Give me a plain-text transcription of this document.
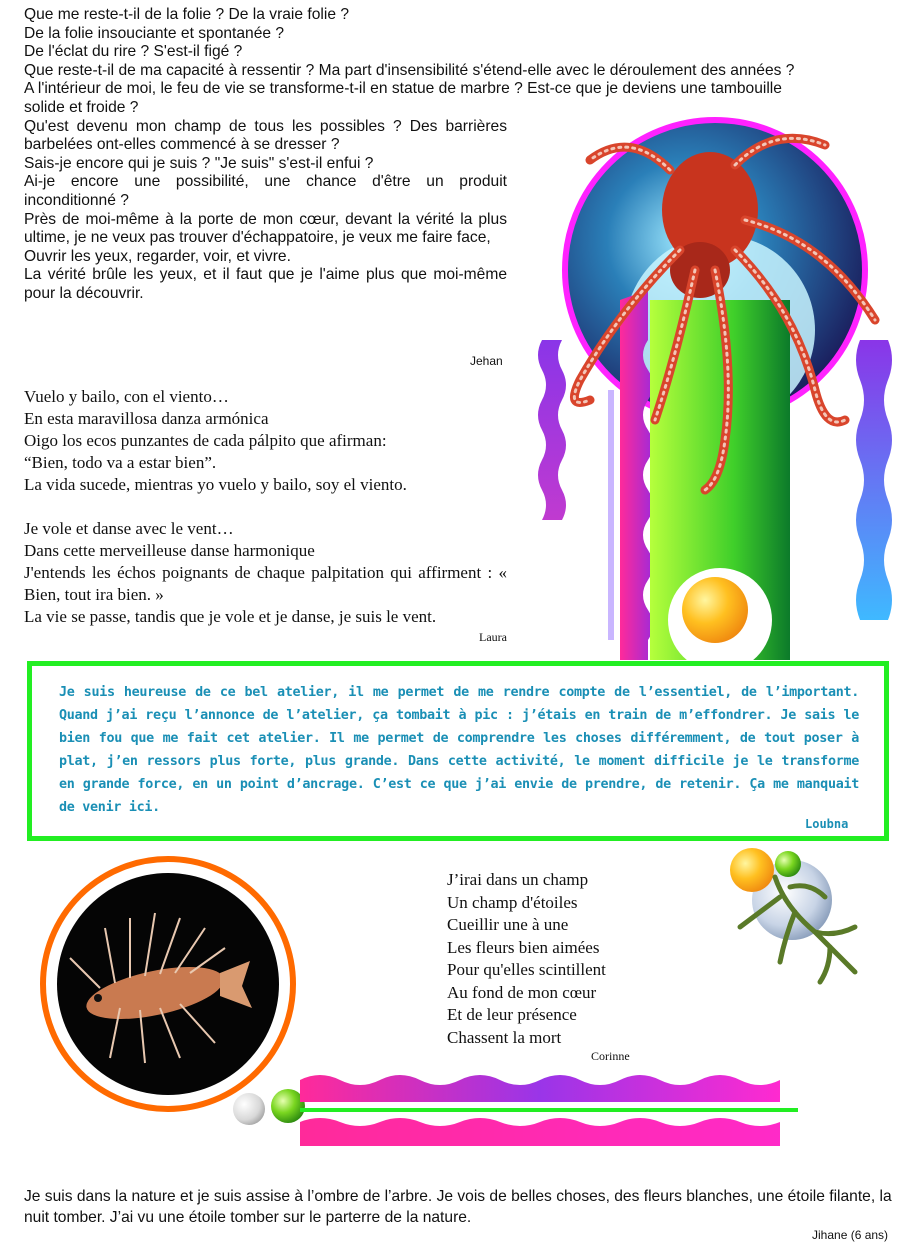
Que me reste-t-il de la folie ? De la vraie folie ?
De la folie insouciante et spontanée ?
De l'éclat du rire ? S'est-il figé ?
Que reste-t-il de ma capacité à ressentir ? Ma part d'insensibilité s'étend-elle avec le déroulement des années ?
A l'intérieur de moi, le feu de vie se transforme-t-il en statue de marbre ? Est-ce que je deviens une tambouille
solide et froide ?
Qu'est devenu mon champ de tous les possibles ? Des barrières barbelées ont-elles commencé à se dresser ?
Sais-je encore qui je suis ? "Je suis" s'est-il enfui ?
Ai-je encore une possibilité, une chance d'être un produit inconditionné ?
Près de moi-même à la porte de mon cœur, devant la vérité la plus ultime, je ne veux pas trouver d'échappatoire, je veux me faire face,
Ouvrir les yeux, regarder, voir, et vivre.
La vérité brûle les yeux, et il faut que je l'aime plus que moi-même pour la découvrir.
Jehan
Vuelo y bailo, con el viento…
En esta maravillosa danza armónica
Oigo los ecos punzantes de cada pálpito que afirman:
“Bien, todo va a estar bien”.
La vida sucede, mientras yo vuelo y bailo, soy el viento.
Je vole et danse avec le vent…
Dans cette merveilleuse danse harmonique
J'entends les échos poignants de chaque palpitation qui affirment : « Bien, tout ira bien. »
La vie se passe, tandis que je vole et je danse, je suis le vent.
Laura
Je suis heureuse de ce bel atelier, il me permet de me rendre compte de l’essentiel, de l’important. Quand j’ai reçu l’annonce de l’atelier, ça tombait à pic : j’étais en train de m’effondrer. Je sais le bien fou que me fait cet atelier. Il me permet de comprendre les choses différemment, de tout poser à plat, j’en ressors plus forte, plus grande. Dans cette activité, le moment difficile je le transforme en grande force, en un point d’ancrage. C’est ce que j’ai envie de prendre, de retenir. Ça me manquait de venir ici.
Loubna
J’irai dans un champ
Un champ d'étoiles
Cueillir une à une
Les fleurs bien aimées
Pour qu'elles scintillent
Au fond de mon cœur
Et de leur présence
Chassent la mort
Corinne
Je suis dans la nature et je suis assise à l’ombre de l’arbre. Je vois de belles choses, des fleurs blanches, une étoile filante, la nuit tomber. J’ai vu une étoile tomber sur le parterre de la nature.
Jihane (6 ans)
